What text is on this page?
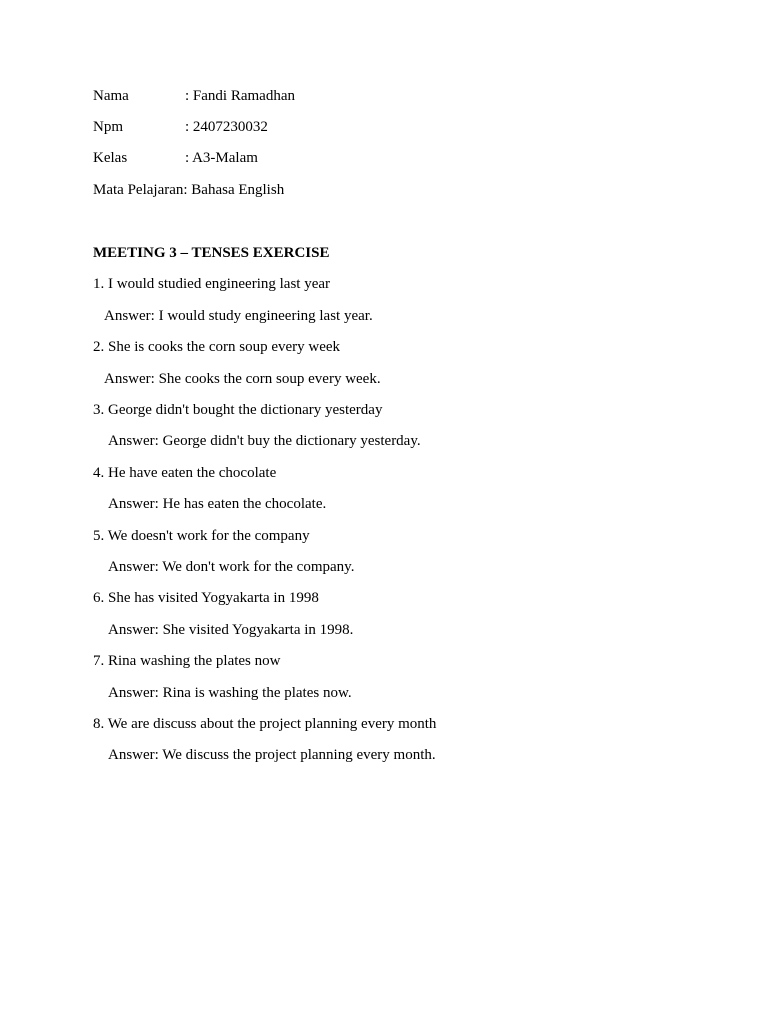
Nama	: Fandi Ramadhan
Npm	: 2407230032
Kelas	: A3-Malam
Mata Pelajaran: Bahasa English
MEETING 3 – TENSES EXERCISE
1. I would studied engineering last year
Answer: I would study engineering last year.
2. She is cooks the corn soup every week
Answer: She cooks the corn soup every week.
3. George didn't bought the dictionary yesterday
Answer: George didn't buy the dictionary yesterday.
4. He have eaten the chocolate
Answer: He has eaten the chocolate.
5. We doesn't work for the company
Answer: We don't work for the company.
6. She has visited Yogyakarta in 1998
Answer: She visited Yogyakarta in 1998.
7. Rina washing the plates now
Answer: Rina is washing the plates now.
8. We are discuss about the project planning every month
Answer: We discuss the project planning every month.
